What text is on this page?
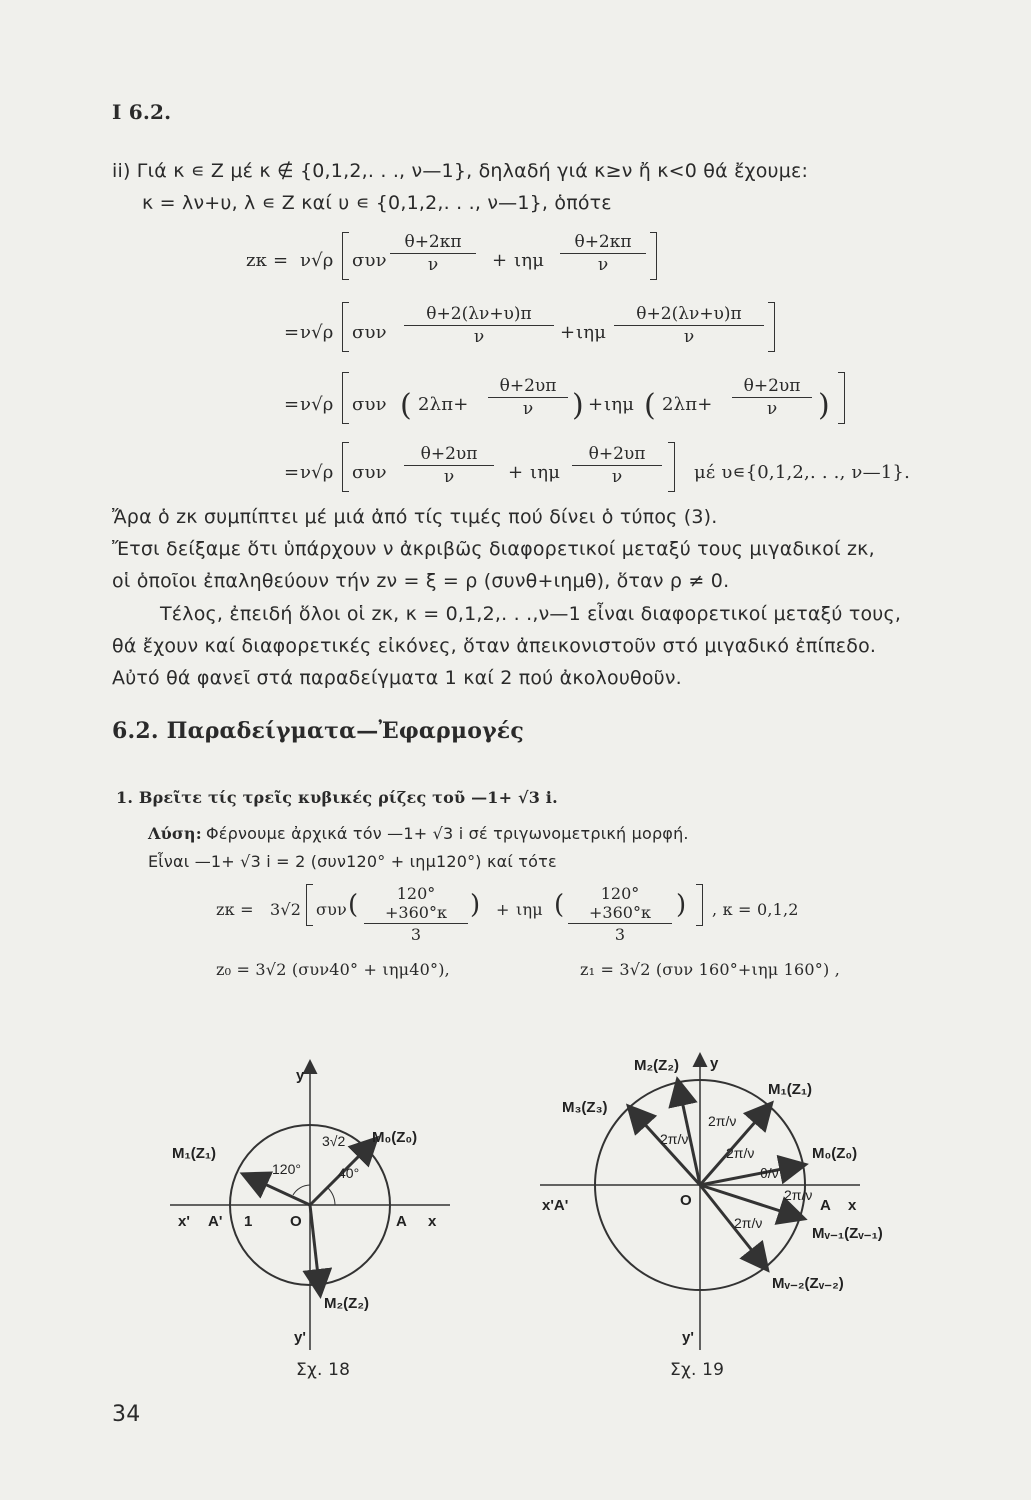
Ι 6.2.
ii) Γιά κ ∊ Z μέ κ ∉ {0,1,2,. . ., ν—1}, δηλαδή γιά κ≥ν ἤ κ<0 θά ἔχουμε:
κ = λν+υ, λ ∊ Z καί υ ∊ {0,1,2,. . ., ν—1}, ὁπότε
zκ = ν√ρ συν $\frac{\theta+2\kappa\pi}{\nu} + \iota\eta\mu \frac{\theta+2\kappa\pi}{\nu}$
= ν√ρ συν $\frac{\theta+2(\lambda\nu+\upsilon)\pi}{\nu} + \iota\eta\mu \frac{\theta+2(\lambda\nu+\upsilon)\pi}{\nu}$
= ν√ρ συν ( $2\lambda\pi+ \frac{\theta+2\upsilon\pi}{\nu}$ ) + ιημ ( $2\lambda\pi+ \frac{\theta+2\upsilon\pi}{\nu}$ )
= ν√ρ συν $\frac{\theta+2\upsilon\pi}{\nu} + \iota\eta\mu \frac{\theta+2\upsilon\pi}{\nu}$ μέ υ∊{0,1,2,. . ., ν—1}.
Ἄρα ὁ zκ συμπίπτει μέ μιά ἀπό τίς τιμές πού δίνει ὁ τύπος (3).
Ἔτσι δείξαμε ὅτι ὑπάρχουν ν ἀκριβῶς διαφορετικοί μεταξύ τους μιγαδικοί zκ,
οἱ ὁποῖοι ἐπαληθεύουν τήν zν = ξ = ρ (συνθ+ιημθ), ὅταν ρ ≠ 0.
Τέλος, ἐπειδή ὅλοι οἱ zκ, κ = 0,1,2,. . .,ν—1 εἶναι διαφορετικοί μεταξύ τους,
θά ἔχουν καί διαφορετικές εἰκόνες, ὅταν ἀπεικονιστοῦν στό μιγαδικό ἐπίπεδο.
Αὐτό θά φανεῖ στά παραδείγματα 1 καί 2 πού ἀκολουθοῦν.
6.2. Παραδείγματα—Ἐφαρμογές
1. Βρεῖτε τίς τρεῖς κυβικές ρίζες τοῦ —1+ √3 i.
Λύση: Φέρνουμε ἀρχικά τόν —1+ √3 i σέ τριγωνομετρική μορφή.
Εἶναι —1+ √3 i = 2 (συν120° + ιημ120°) καί τότε
zκ = 3√2 συν ( $\frac{120^\circ+360^\circ\kappa}{3}$ ) + ιημ ( $\frac{120^\circ+360^\circ\kappa}{3}$ ) , κ = 0,1,2
z₀ = 3√2 (συν40° + ιημ40°),	z₁ = 3√2 (συν 160°+ιημ 160°) ,
y
y'
x
x'	A
A' 1	O
M₀(Z₀)
M₁(Z₁)
M₂(Z₂)
120°	40°
3√2
Σχ. 18
y
y'
x
x'A'	A
O
M₀(Z₀)
M₁(Z₁)
M₂(Z₂)
M₃(Z₃)
Mᵥ₋₁(Zᵥ₋₁)
Mᵥ₋₂(Zᵥ₋₂)
2π/ν
2π/ν
2π/ν
2π/ν
2π/ν
θ/ν
Σχ. 19
34
